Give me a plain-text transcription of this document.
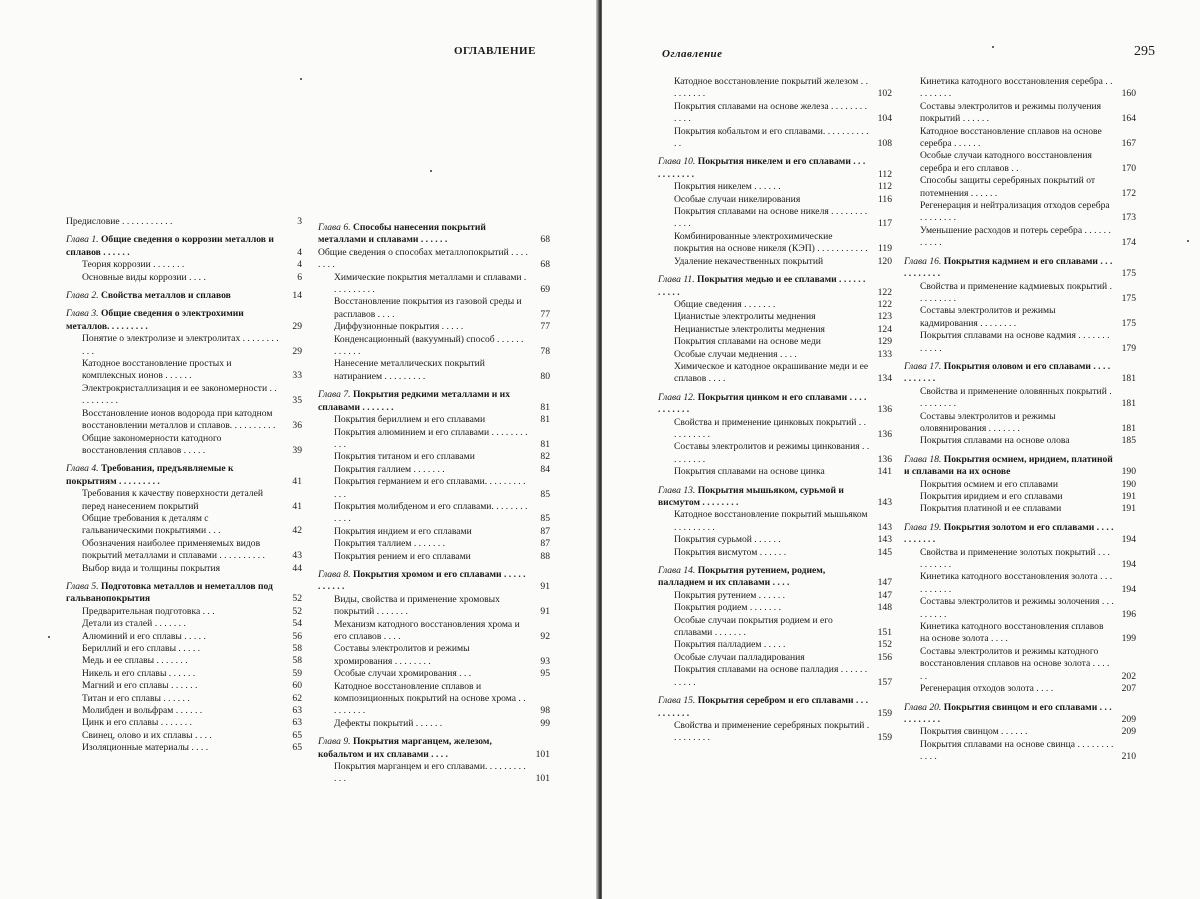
ОГЛАВЛЕНИЕ
Предисловие . . . . . . . . . . .	3
Глава 1. Общие сведения о коррозии металлов и сплавов . . . . . .	4
Теория коррозии . . . . . . .	4
Основные виды коррозии . . . .	6
Глава 2. Свойства металлов и сплавов	14
Глава 3. Общие сведения о электрохимии металлов. . . . . . . . .	29
Понятие о электролизе и электролитах . . . . . . . . . . .	29
Катодное восстановление простых и комплексных ионов . . . . . .	33
Электрокристаллизация и ее закономерности . . . . . . . . . .	35
Восстановление ионов водорода при катодном восстановлении металлов и сплавов. . . . . . . . . . 36
Общие закономерности катодного восстановления сплавов . . . . .	39
Глава 4. Требования, предъявляемые к покрытиям . . . . . . . . .	41
Требования к качеству поверхности деталей перед нанесением покрытий	41
Общие требования к деталям с гальваническими покрытиями . . .	42
Обозначения наиболее применяемых видов покрытий металлами и сплавами . . . . . . . . . .	43
Выбор вида и толщины покрытия	44
Глава 5. Подготовка металлов и неметаллов под гальванопокрытия	52
Предварительная подготовка . . .	52
Детали из сталей . . . . . . .	54
Алюминий и его сплавы . . . . .	56
Бериллий и его сплавы . . . . .	58
Медь и ее сплавы . . . . . . .	58
Никель и его сплавы . . . . . .	59
Магний и его сплавы . . . . . .	60
Титан и его сплавы . . . . . .	62
Молибден и вольфрам . . . . . .	63
Цинк и его сплавы . . . . . . .	63
Свинец, олово и их сплавы . . . .	65
Изоляционные материалы . . . .	65
Глава 6. Способы нанесения покрытий металлами и сплавами . . . . . .	68
Общие сведения о способах металлопокрытий . . . . . . . .	68
Химические покрытия металлами и сплавами . . . . . . . . . .	69
Восстановление покрытия из газовой среды и расплавов . . . .	77
Диффузионные покрытия . . . . .	77
Конденсационный (вакуумный) способ . . . . . . . . . . . .	78
Нанесение металлических покрытий натиранием . . . . . . . . .	80
Глава 7. Покрытия редкими металлами и их сплавами . . . . . . .	81
Покрытия бериллием и его сплавами	81
Покрытия алюминием и его сплавами . . . . . . . . . . .	81
Покрытия титаном и его сплавами	82
Покрытия галлием . . . . . . .	84
Покрытия германием и его сплавами. . . . . . . . . . . .	85
Покрытия молибденом и его сплавами. . . . . . . . . . . .	85
Покрытия индием и его сплавами	87
Покрытия таллием . . . . . . .	87
Покрытия рением и его сплавами	88
Глава 8. Покрытия хромом и его сплавами . . . . . . . . . . .	91
Виды, свойства и применение хромовых покрытий . . . . . . .	91
Механизм катодного восстановления хрома и его сплавов . . . .	92
Составы электролитов и режимы хромирования . . . . . . . .	93
Особые случаи хромирования . . .	95
Катодное восстановление сплавов и композиционных покрытий на основе хрома . . . . . . . . .	98
Дефекты покрытий . . . . . .	99
Глава 9. Покрытия марганцем, железом, кобальтом и их сплавами . . . .	101
Покрытия марганцем и его сплавами. . . . . . . . . . . .	101
Оглавление	295
Катодное восстановление покрытий железом . . . . . . . . .	102
Покрытия сплавами на основе железа . . . . . . . . . . . .	104
Покрытия кобальтом и его сплавами. . . . . . . . . . . .	108
Глава 10. Покрытия никелем и его сплавами . . . . . . . . . . .	112
Покрытия никелем . . . . . .	112
Особые случаи никелирования	116
Покрытия сплавами на основе никеля . . . . . . . . . . . .	117
Комбинированные электрохимические покрытия на основе никеля (КЭП) . . . . . . . . . . . 119
Удаление некачественных покрытий	120
Глава 11. Покрытия медью и ее сплавами . . . . . . . . . . .	122
Общие сведения . . . . . . .	122
Цианистые электролиты меднения	123
Нецианистые электролиты меднения	124
Покрытия сплавами на основе меди	129
Особые случаи меднения . . . .	133
Химическое и катодное окрашивание меди и ее сплавов . . . .	134
Глава 12. Покрытия цинком и его сплавами . . . . . . . . . . .	136
Свойства и применение цинковых покрытий . . . . . . . . . .	136
Составы электролитов и режимы цинкования . . . . . . . . .	136
Покрытия сплавами на основе цинка	141
Глава 13. Покрытия мышьяком, сурьмой и висмутом . . . . . . . .	143
Катодное восстановление покрытий мышьяком . . . . . . . . .	143
Покрытия сурьмой . . . . . .	143
Покрытия висмутом . . . . . .	145
Глава 14. Покрытия рутением, родием, палладием и их сплавами . . . .	147
Покрытия рутением . . . . . .	147
Покрытия родием . . . . . . .	148
Особые случаи покрытия родием и его сплавами . . . . . . .	151
Покрытия палладием . . . . .	152
Особые случаи палладирования	156
Покрытия сплавами на основе палладия . . . . . . . . . . .	157
Глава 15. Покрытия серебром и его сплавами . . . . . . . . . .	159
Свойства и применение серебряных покрытий . . . . . . . . .	159
Кинетика катодного восстановления серебра . . . . . . . . .	160
Составы электролитов и режимы получения покрытий . . . . . .	164
Катодное восстановление сплавов на основе серебра . . . . . .	167
Особые случаи катодного восстановления серебра и его сплавов . .	170
Способы защиты серебряных покрытий от потемнения . . . . . .	172
Регенерация и нейтрализация отходов серебра . . . . . . . .	173
Уменьшение расходов и потерь серебра . . . . . . . . . . .	174
Глава 16. Покрытия кадмием и его сплавами . . . . . . . . . . .	175
Свойства и применение кадмиевых покрытий . . . . . . . . .	175
Составы электролитов и режимы кадмирования . . . . . . . .	175
Покрытия сплавами на основе кадмия . . . . . . . . . . . .	179
Глава 17. Покрытия оловом и его сплавами . . . . . . . . . . .	181
Свойства и применение оловянных покрытий . . . . . . . . .	181
Составы электролитов и режимы оловянирования . . . . . . .	181
Покрытия сплавами на основе олова	185
Глава 18. Покрытия осмием, иридием, платиной и сплавами на их основе	190
Покрытия осмием и его сплавами	190
Покрытия иридием и его сплавами	191
Покрытия платиной и ее сплавами	191
Глава 19. Покрытия золотом и его сплавами . . . . . . . . . . .	194
Свойства и применение золотых покрытий . . . . . . . . . .	194
Кинетика катодного восстановления золота . . . . . . . . . .	194
Составы электролитов и режимы золочения . . . . . . . . .	196
Кинетика катодного восстановления сплавов на основе золота . . . .	199
Составы электролитов и режимы катодного восстановления сплавов на основе золота . . . . . .	202
Регенерация отходов золота . . . .	207
Глава 20. Покрытия свинцом и его сплавами . . . . . . . . . . .	209
Покрытия свинцом . . . . . .	209
Покрытия сплавами на основе свинца . . . . . . . . . . . .	210
